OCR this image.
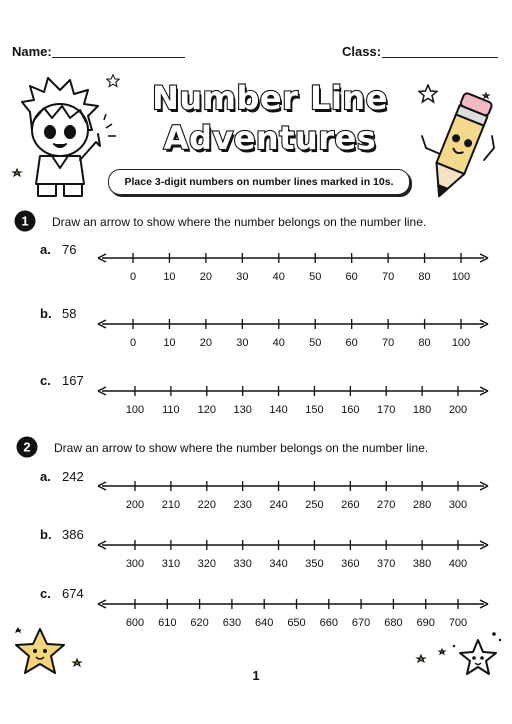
Name:	Class:
Number Line
Adventures
Place 3-digit numbers on number lines marked in 10s.
1 Draw an arrow to show where the number belongs on the number line.
2 Draw an arrow to show where the number belongs on the number line.
a. 76
b. 58
c. 167
a. 242
b. 386
c. 674
0 10 20 30 40 50 60 70 80 100
0 10 20 30 40 50 60 70 80 100
100 110 120 130 140 150 160 170 180 200
200 210 220 230 240 250 260 270 280 300
300 310 320 330 340 350 360 370 380 400
600 610 620 630 640 650 660 670 680 690 700
1
